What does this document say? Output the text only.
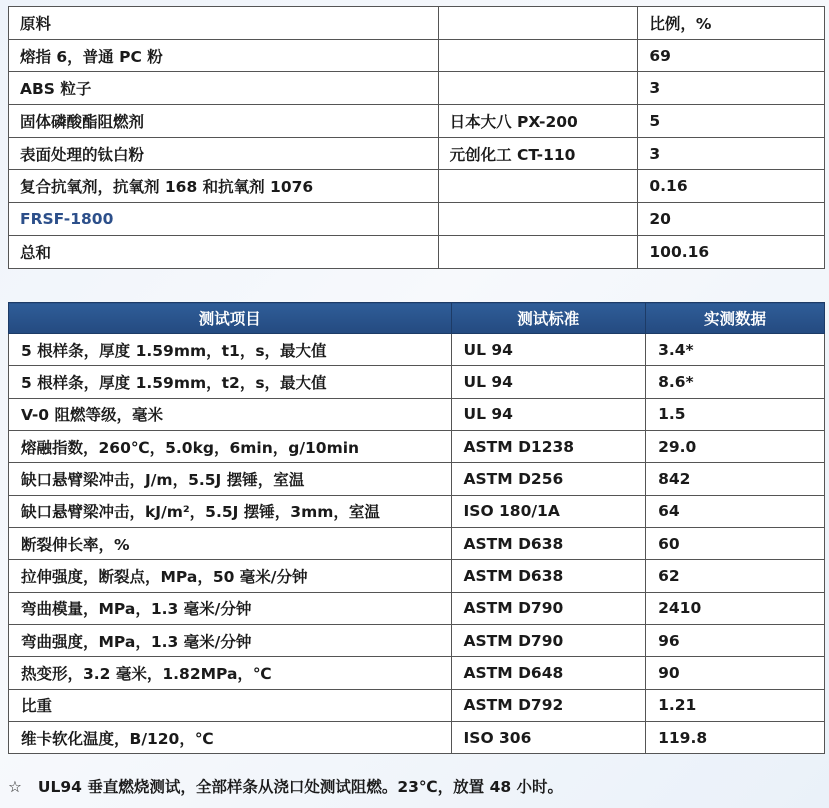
原料		比例，%
熔指 6，普通 PC 粉		69
ABS 粒子		3
固体磷酸酯阻燃剂	日本大八 PX-200	5
表面处理的钛白粉	元创化工 CT-110	3
复合抗氧剂，抗氧剂 168 和抗氧剂 1076		0.16
FRSF-1800		20
总和		100.16
测试项目	测试标准	实测数据
5 根样条，厚度 1.59mm，t1，s，最大值	UL 94	3.4*
5 根样条，厚度 1.59mm，t2，s，最大值	UL 94	8.6*
V-0 阻燃等级，毫米	UL 94	1.5
熔融指数，260℃，5.0kg，6min，g/10min	ASTM D1238	29.0
缺口悬臂梁冲击，J/m，5.5J 摆锤，室温	ASTM D256	842
缺口悬臂梁冲击，kJ/m²，5.5J 摆锤，3mm，室温	ISO 180/1A	64
断裂伸长率，%	ASTM D638	60
拉伸强度，断裂点，MPa，50 毫米/分钟	ASTM D638	62
弯曲模量，MPa，1.3 毫米/分钟	ASTM D790	2410
弯曲强度，MPa，1.3 毫米/分钟	ASTM D790	96
热变形，3.2 毫米，1.82MPa，℃	ASTM D648	90
比重	ASTM D792	1.21
维卡软化温度，B/120，℃	ISO 306	119.8
☆ UL94 垂直燃烧测试，全部样条从浇口处测试阻燃。23℃，放置 48 小时。
